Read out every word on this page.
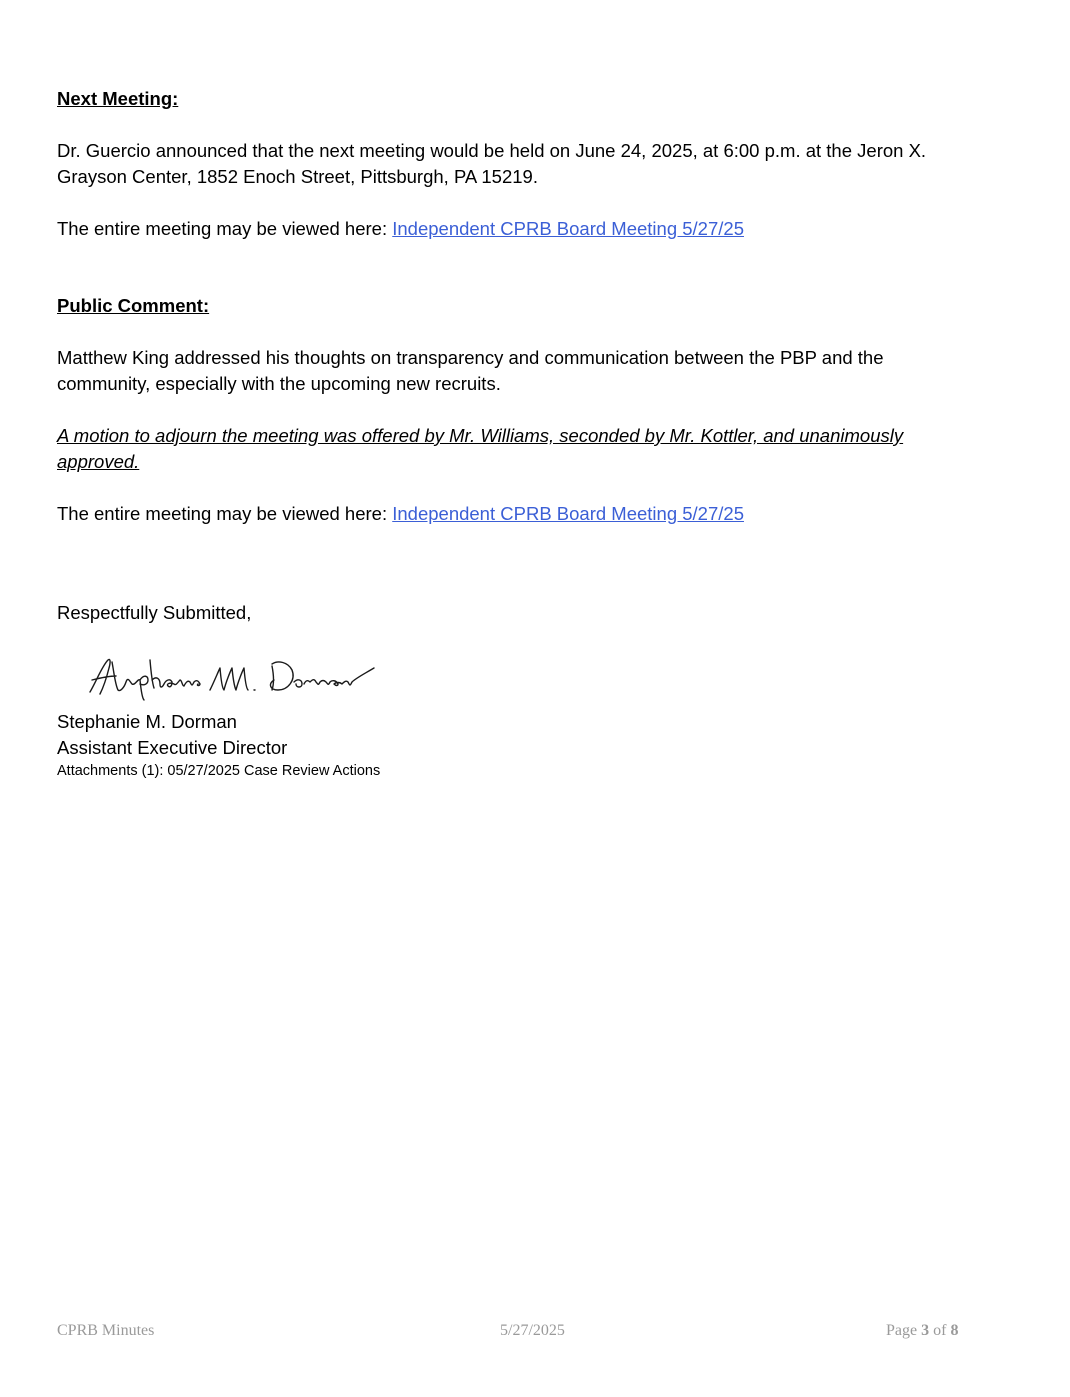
Next Meeting:
Dr. Guercio announced that the next meeting would be held on June 24, 2025, at 6:00 p.m. at the Jeron X.
Grayson Center, 1852 Enoch Street, Pittsburgh, PA 15219.
The entire meeting may be viewed here: Independent CPRB Board Meeting 5/27/25
Public Comment:
Matthew King addressed his thoughts on transparency and communication between the PBP and the
community, especially with the upcoming new recruits.
A motion to adjourn the meeting was offered by Mr. Williams, seconded by Mr. Kottler, and unanimously
approved.
The entire meeting may be viewed here: Independent CPRB Board Meeting 5/27/25
Respectfully Submitted,
Stephanie M. Dorman
Assistant Executive Director
Attachments (1): 05/27/2025 Case Review Actions
CPRB Minutes	5/27/2025	Page 3 of 8
